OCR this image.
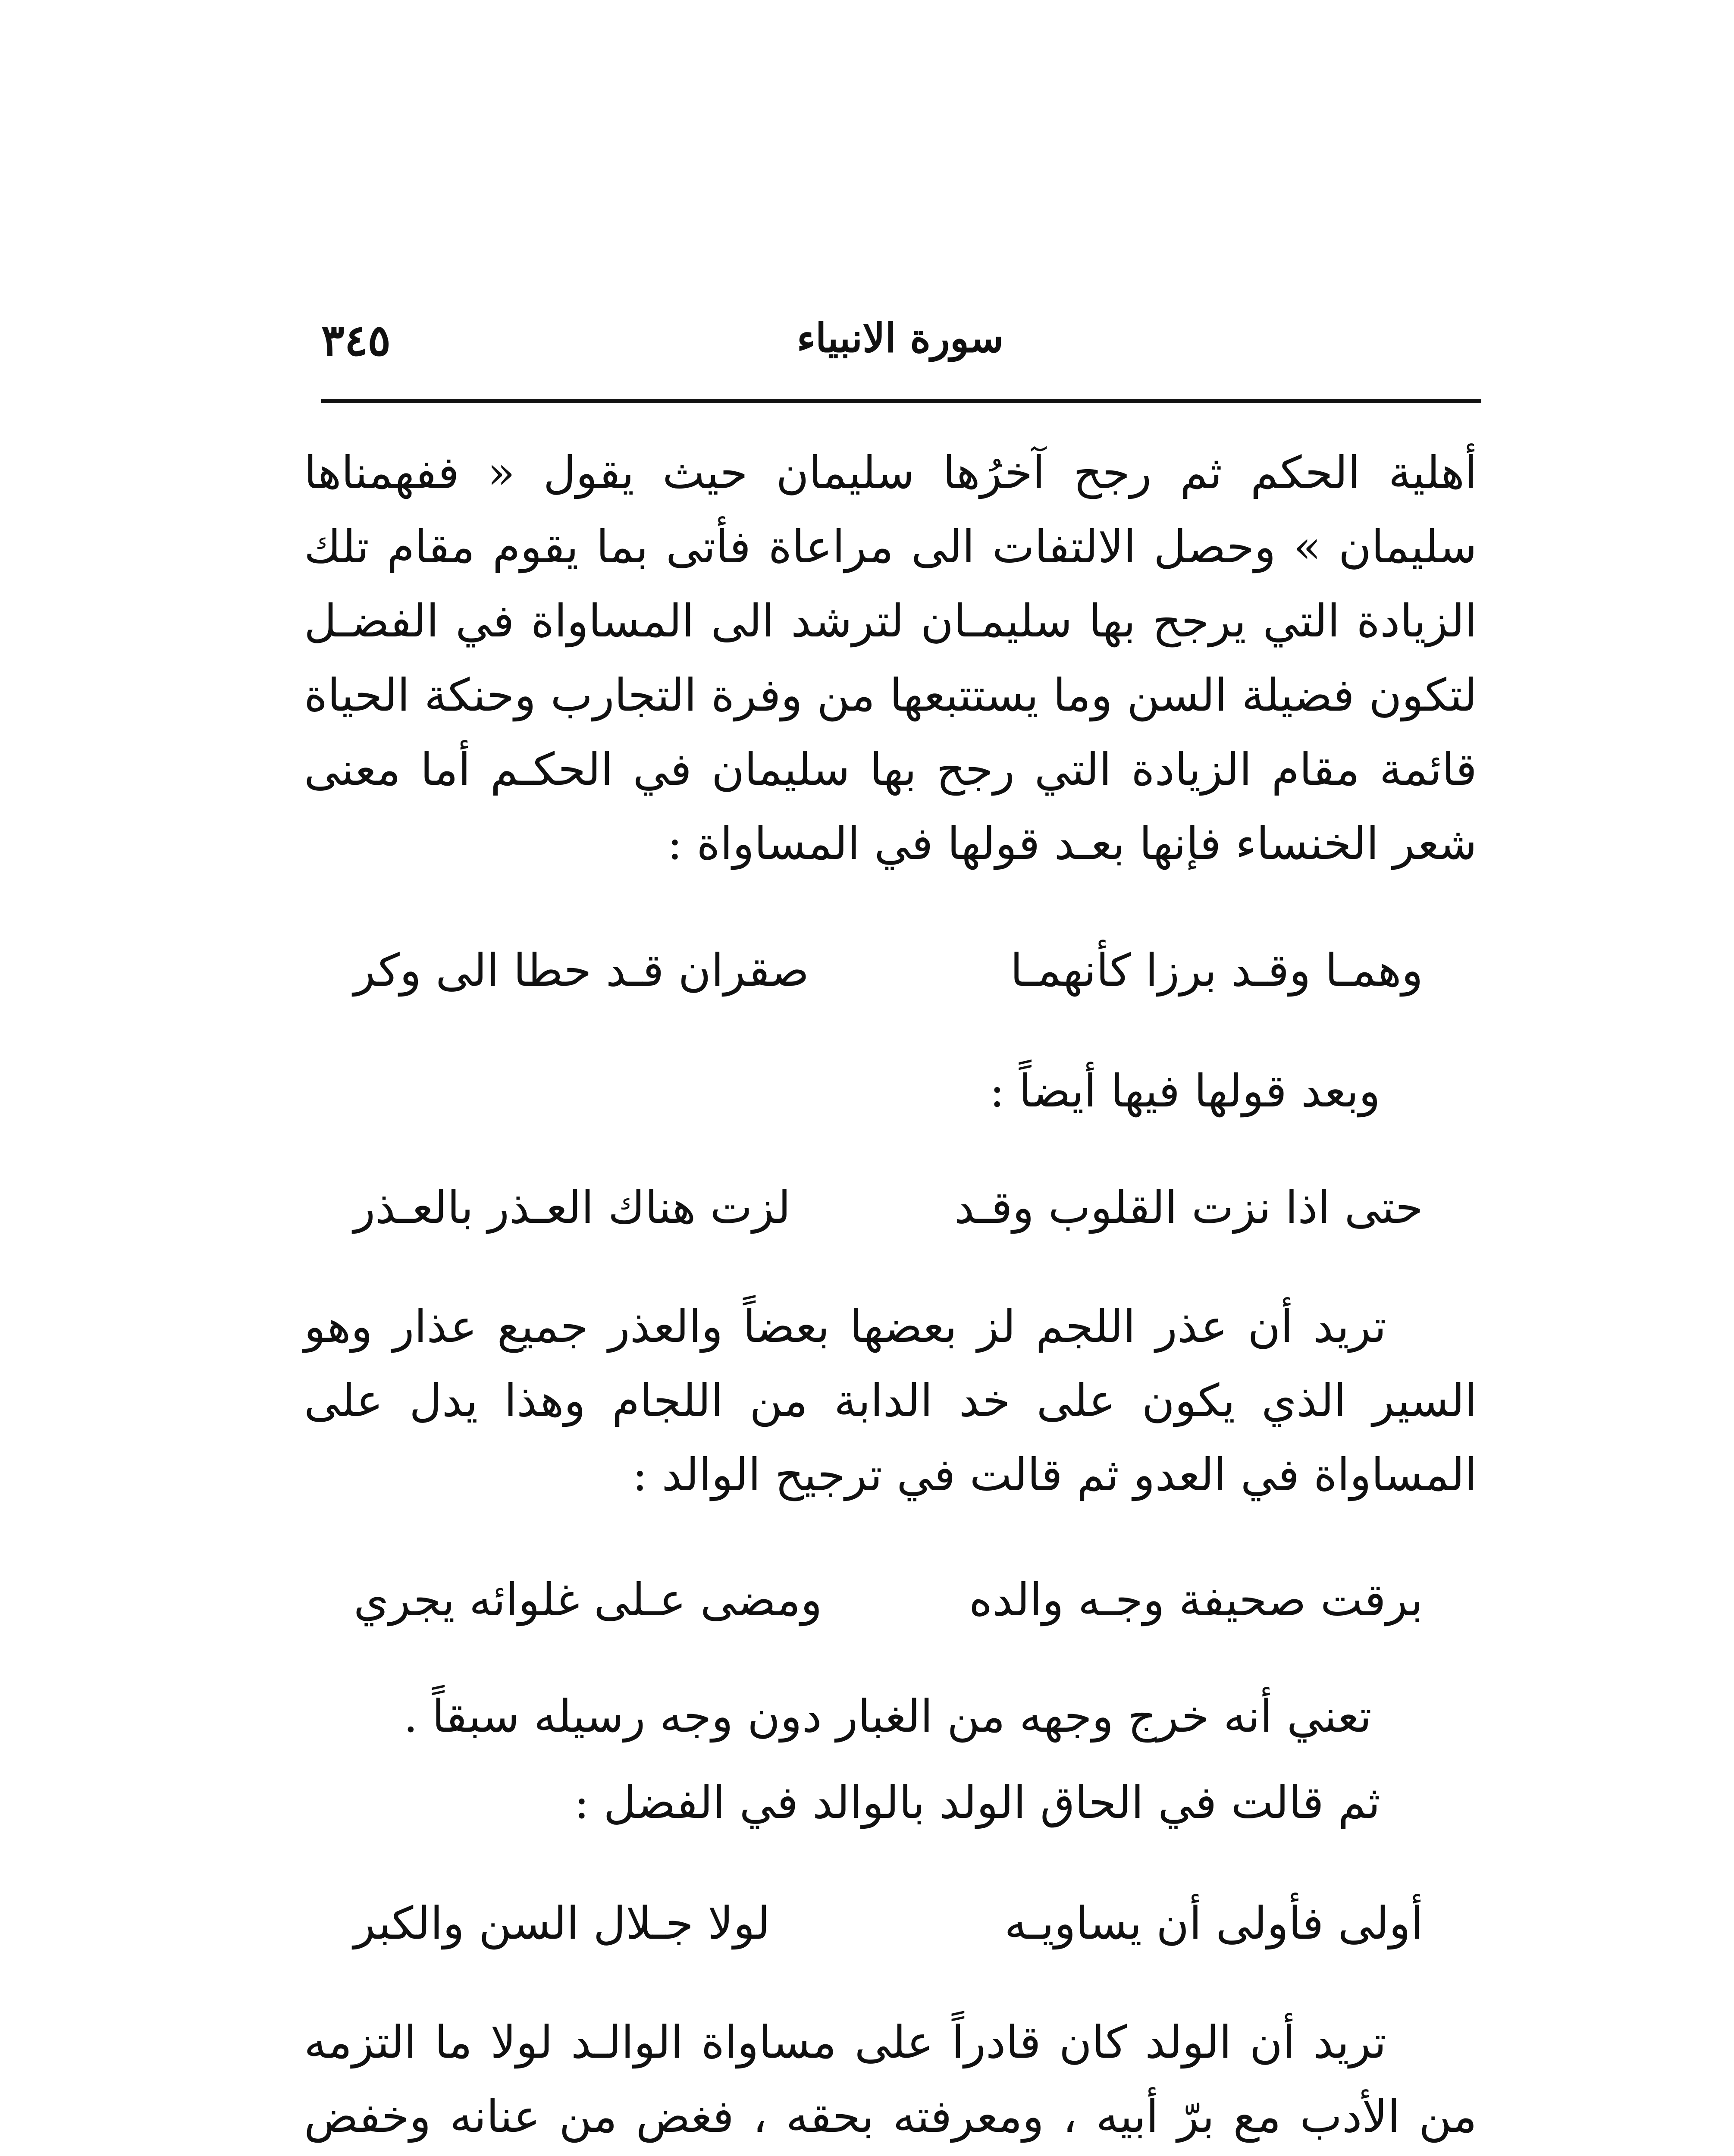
٣٤٥	سورة الانبياء

أهلية الحكم ثم رجح آخرُها سليمان حيث يقول « ففهمناها سليمان » وحصل الالتفات الى مراعاة فأتى بما يقوم مقام تلك الزيادة التي يرجح بها سليمـان لترشد الى المساواة في الفضـل لتكون فضيلة السن وما يستتبعها من وفرة التجارب وحنكة الحياة قائمة مقام الزيادة التي رجح بها سليمان في الحكـم أما معنى شعر الخنساء فإنها بعـد قولها في المساواة :

وهمـا وقـد برزا كأنهمـا
صقران قـد حطا الى وكر
وبعد قولها فيها أيضاً :
حتى اذا نزت القلوب وقـد
لزت هناك العـذر بالعـذر

تريد أن عذر اللجم لز بعضها بعضاً والعذر جميع عذار وهو السير الذي يكون على خد الدابة من اللجام وهذا يدل على المساواة في العدو ثم قالت في ترجيح الوالد :

برقت صحيفة وجـه والده
ومضى عـلى غلوائه يجري
تعني أنه خرج وجهه من الغبار دون وجه رسيله سبقاً .
ثم قالت في الحاق الولد بالوالد في الفضل :
أولى فأولى أن يساويـه
لولا جـلال السن والكبر

تريد أن الولد كان قادراً على مساواة الوالـد لولا ما التزمه من الأدب مع برّ أبيه ، ومعرفته بحقه ، فغض من عنانه وخفض
